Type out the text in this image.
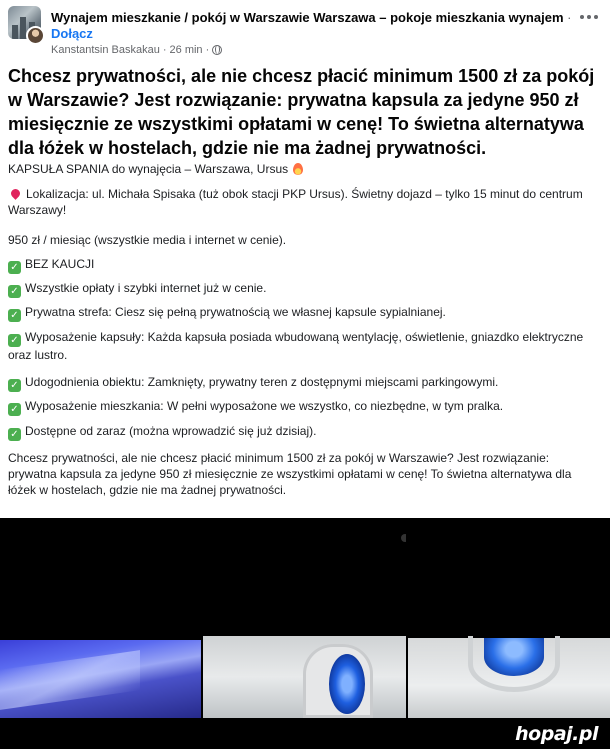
Wynajem mieszkanie / pokój w Warszawie Warszawa – pokoje mieszkania wynajem ·
Dołącz
Kanstantsin Baskakau · 26 min ·
Chcesz prywatności, ale nie chcesz płacić minimum 1500 zł za pokój w Warszawie? Jest rozwiązanie: prywatna kapsula za jedyne 950 zł miesięcznie ze wszystkimi opłatami w cenę! To świetna alternatywa dla łóżek w hostelach, gdzie nie ma żadnej prywatności.

KAPSUŁA SPANIA do wynajęcia – Warszawa, Ursus

Lokalizacja: ul. Michała Spisaka (tuż obok stacji PKP Ursus). Świetny dojazd – tylko 15 minut do centrum Warszawy!

950 zł / miesiąc (wszystkie media i internet w cenie).

✓ BEZ KAUCJI

✓ Wszystkie opłaty i szybki internet już w cenie.

✓ Prywatna strefa: Ciesz się pełną prywatnością we własnej kapsule sypialnianej.

✓ Wyposażenie kapsuły: Każda kapsuła posiada wbudowaną wentylację, oświetlenie, gniazdko elektryczne oraz lustro.

✓ Udogodnienia obiektu: Zamknięty, prywatny teren z dostępnymi miejscami parkingowymi.

✓ Wyposażenie mieszkania: W pełni wyposażone we wszystko, co niezbędne, w tym pralka.

✓ Dostępne od zaraz (można wprowadzić się już dzisiaj).

Chcesz prywatności, ale nie chcesz płacić minimum 1500 zł za pokój w Warszawie? Jest rozwiązanie: prywatna kapsula za jedyne 950 zł miesięcznie ze wszystkimi opłatami w cenę! To świetna alternatywa dla łóżek w hostelach, gdzie nie ma żadnej prywatności.

hopaj.pl
